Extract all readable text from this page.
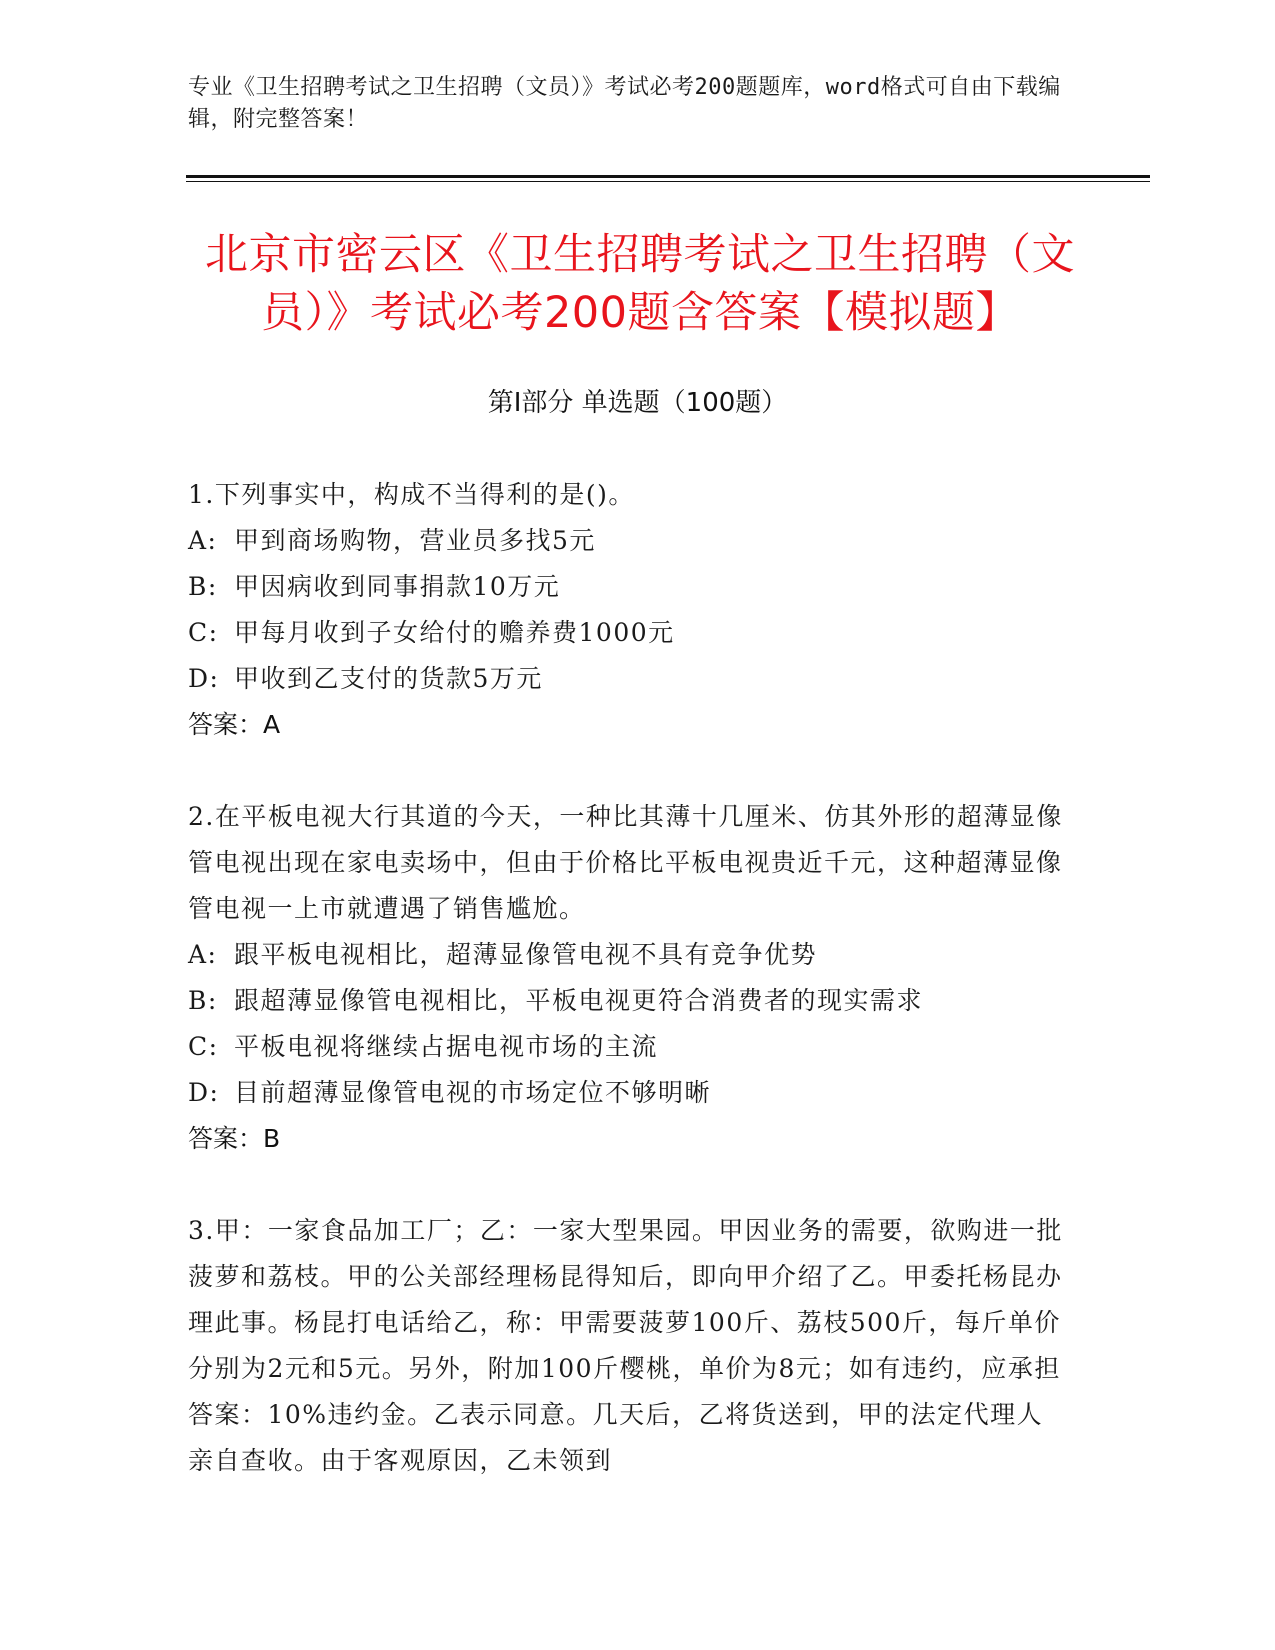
专业《卫生招聘考试之卫生招聘（文员）》考试必考200题题库，word格式可自由下载编辑，附完整答案！
北京市密云区《卫生招聘考试之卫生招聘（文员）》考试必考200题含答案【模拟题】
第Ⅰ部分 单选题（100题）
1.下列事实中，构成不当得利的是()。
A: 甲到商场购物，营业员多找5元
B: 甲因病收到同事捐款10万元
C: 甲每月收到子女给付的赡养费1000元
D: 甲收到乙支付的货款5万元
答案：A
2.在平板电视大行其道的今天，一种比其薄十几厘米、仿其外形的超薄显像管电视出现在家电卖场中，但由于价格比平板电视贵近千元，这种超薄显像管电视一上市就遭遇了销售尴尬。
A: 跟平板电视相比，超薄显像管电视不具有竞争优势
B: 跟超薄显像管电视相比，平板电视更符合消费者的现实需求
C: 平板电视将继续占据电视市场的主流
D: 目前超薄显像管电视的市场定位不够明晰
答案：B
3.甲：一家食品加工厂；乙：一家大型果园。甲因业务的需要，欲购进一批菠萝和荔枝。甲的公关部经理杨昆得知后，即向甲介绍了乙。甲委托杨昆办理此事。杨昆打电话给乙，称：甲需要菠萝100斤、荔枝500斤，每斤单价分别为2元和5元。另外，附加100斤樱桃，单价为8元；如有违约，应承担答案：10%违约金。乙表示同意。几天后，乙将货送到，甲的法定代理人亲自查收。由于客观原因，乙未领到
